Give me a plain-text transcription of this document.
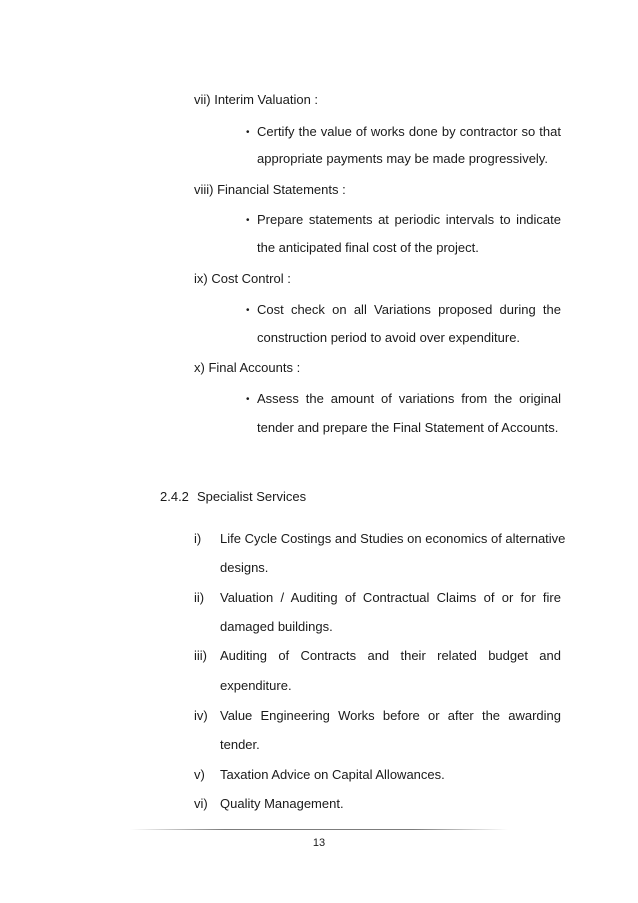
vii) Interim Valuation :
• Certify the value of works done by contractor so that
appropriate payments may be made progressively.
viii) Financial Statements :
• Prepare statements at periodic intervals to indicate
the anticipated final cost of the project.
ix) Cost Control :
• Cost check on all Variations proposed during the
construction period to avoid over expenditure.
x) Final Accounts :
• Assess the amount of variations from the original
tender and prepare the Final Statement of Accounts.
2.4.2 Specialist Services
i) Life Cycle Costings and Studies on economics of alternative
designs.
ii) Valuation / Auditing of Contractual Claims of or for fire
damaged buildings.
iii) Auditing of Contracts and their related budget and
expenditure.
iv) Value Engineering Works before or after the awarding
tender.
v) Taxation Advice on Capital Allowances.
vi) Quality Management.
13
